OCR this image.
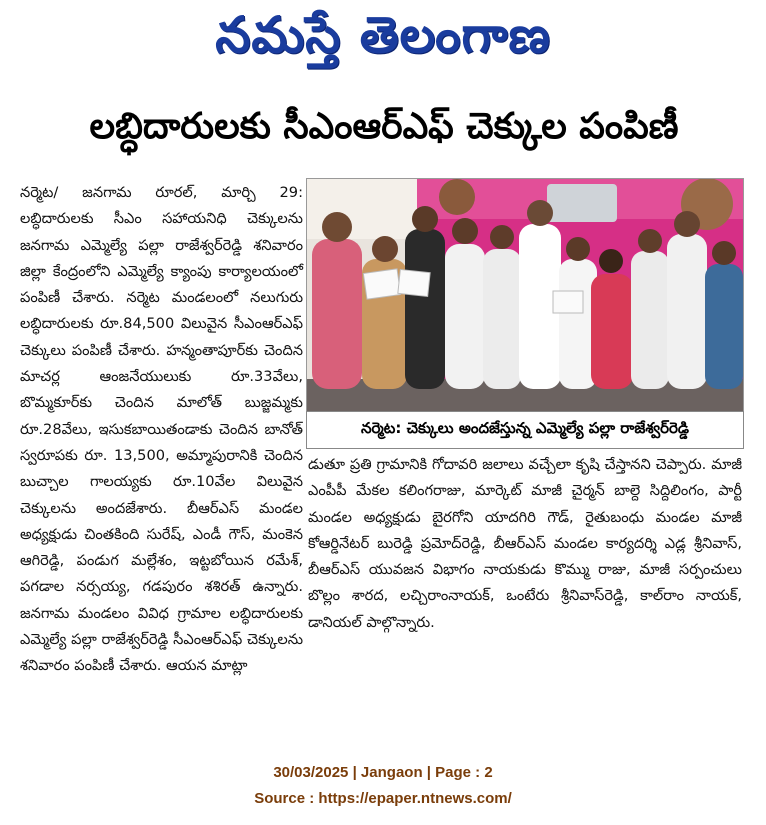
నమస్తే తెలంగాణ
లబ్ధిదారులకు సీఎంఆర్‌ఎఫ్‌ చెక్కుల పంపిణీ

నర్మెట/ జనగామ రూరల్‌, మార్చి 29: లబ్ధిదారులకు సీఎం సహాయనిధి చెక్కులను జనగామ ఎమ్మెల్యే పల్లా రాజేశ్వర్‌రెడ్డి శనివారం జిల్లా కేంద్రంలోని ఎమ్మెల్యే క్యాంపు కార్యాలయంలో పంపిణీ చేశారు. నర్మెట మండలంలో నలుగురు లబ్ధిదారులకు రూ.84,500 విలువైన సీఎంఆర్‌ఎఫ్‌ చెక్కులు పంపిణీ చేశారు. హన్మంతాపూర్‌కు చెందిన మాచర్ల ఆంజనేయులుకు రూ.33వేలు, బొమ్మకూర్‌కు చెందిన మాలోత్‌ బుజ్జమ్మకు రూ.28వేలు, ఇసుకబాయితండాకు చెందిన బానోత్‌ స్వరూపకు రూ. 13,500, అమ్మాపురానికి చెందిన బుచ్చాల గాలయ్యకు రూ.10వేల విలువైన చెక్కులను అందజేశారు. బీఆర్‌ఎస్‌ మండల అధ్యక్షుడు చింతకింది సురేష్‌, ఎండీ గౌస్‌, మంకెన ఆగిరెడ్డి, పండుగ మల్లేశం, ఇట్టబోయిన రమేశ్‌, పగడాల నర్సయ్య, గడపురం శశిరత్‌ ఉన్నారు. జనగామ మండలం వివిధ గ్రామాల లబ్ధిదారులకు ఎమ్మెల్యే పల్లా రాజేశ్వర్‌రెడ్డి సీఎంఆర్‌ఎఫ్‌ చెక్కులను శనివారం పంపిణీ చేశారు. ఆయన మాట్లా

నర్మెట: చెక్కులు అందజేస్తున్న ఎమ్మెల్యే పల్లా రాజేశ్వర్‌రెడ్డి

డుతూ ప్రతి గ్రామానికి గోదావరి జలాలు వచ్చేలా కృషి చేస్తానని చెప్పారు. మాజీ ఎంపీపీ మేకల కలింగరాజు, మార్కెట్‌ మాజీ చైర్మన్‌ బాల్దె సిద్దిలింగం, పార్టీ మండల అధ్యక్షుడు బైరగోని యాదగిరి గౌడ్‌, రైతుబంధు మండల మాజీ కోఆర్డినేటర్‌ బురెడ్డి ప్రమోద్‌రెడ్డి, బీఆర్‌ఎస్‌ మండల కార్యదర్శి ఎడ్ల శ్రీనివాస్‌, బీఆర్‌ఎస్‌ యువజన విభాగం నాయకుడు కొమ్ము రాజు, మాజీ సర్పంచులు బొల్లం శారద, లచ్చిరాంనాయక్‌, ఒంటేరు శ్రీనివాస్‌రెడ్డి, కాల్‌రాం నాయక్‌, డానియల్‌ పాల్గొన్నారు.

30/03/2025 | Jangaon | Page : 2
Source : https://epaper.ntnews.com/
